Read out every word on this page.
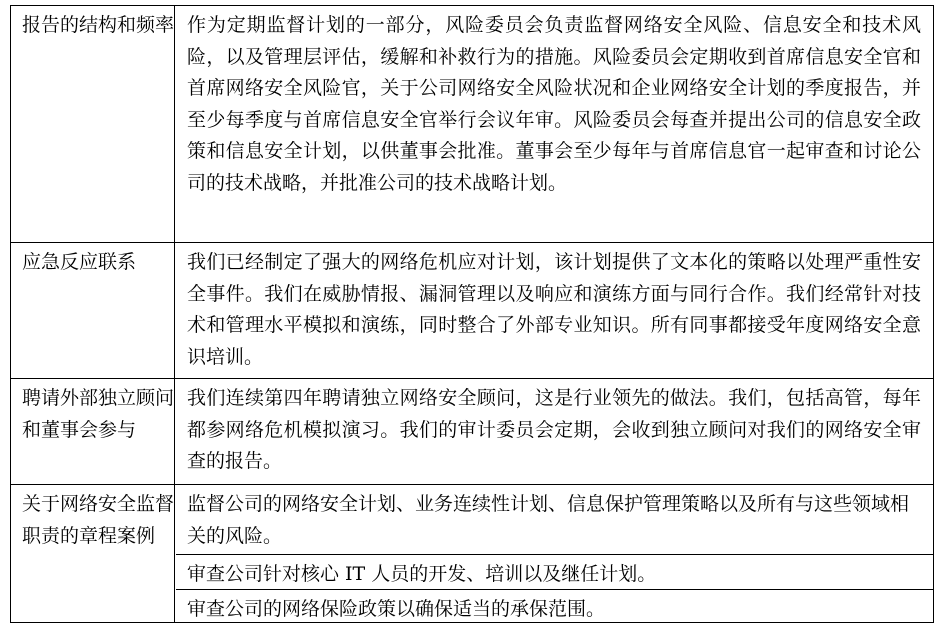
报告的结构和频率 作为定期监督计划的一部分，风险委员会负责监督网络安全风险、信息安全和技术风险，以及管理层评估，缓解和补救行为的措施。风险委员会定期收到首席信息安全官和首席网络安全风险官，关于公司网络安全风险状况和企业网络安全计划的季度报告，并至少每季度与首席信息安全官举行会议年审。风险委员会每查并提出公司的信息安全政策和信息安全计划，以供董事会批准。董事会至少每年与首席信息官一起审查和讨论公司的技术战略，并批准公司的技术战略计划。
应急反应联系	我们已经制定了强大的网络危机应对计划，该计划提供了文本化的策略以处理严重性安全事件。我们在威胁情报、漏洞管理以及响应和演练方面与同行合作。我们经常针对技术和管理水平模拟和演练，同时整合了外部专业知识。所有同事都接受年度网络安全意识培训。
聘请外部独立顾问和董事会参与
我们连续第四年聘请独立网络安全顾问，这是行业领先的做法。我们，包括高管，每年都参网络危机模拟演习。我们的审计委员会定期，会收到独立顾问对我们的网络安全审查的报告。
关于网络安全监督职责的章程案例
监督公司的网络安全计划、业务连续性计划、信息保护管理策略以及所有与这些领域相关的风险。
审查公司针对核心 IT 人员的开发、培训以及继任计划。
审查公司的网络保险政策以确保适当的承保范围。
